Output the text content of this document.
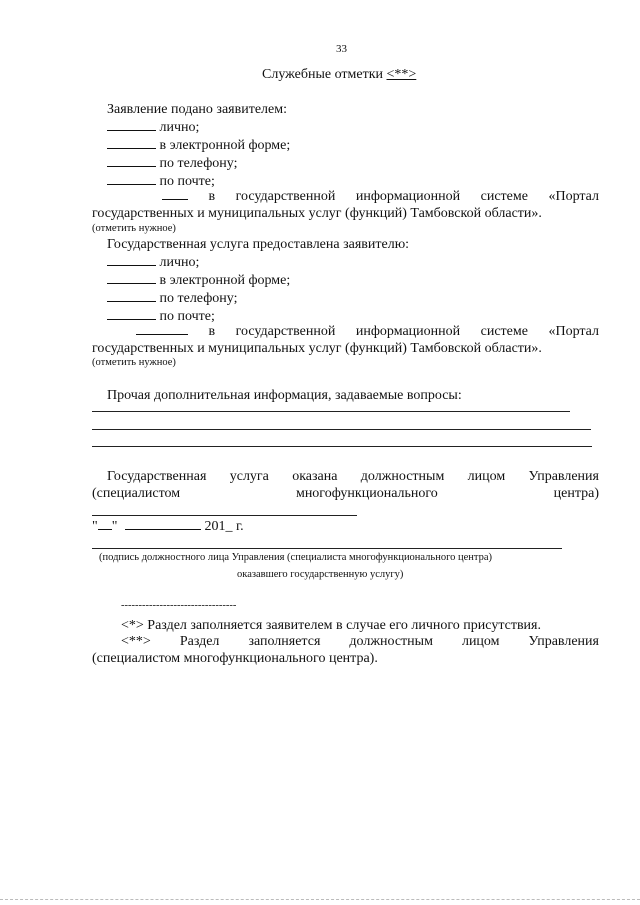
33
Служебные отметки <**>
Заявление подано заявителем:
лично;
в электронной форме;
по телефону;
по почте;
в государственной информационной системе «Портал
государственных и муниципальных услуг (функций) Тамбовской области».
(отметить нужное)
Государственная услуга предоставлена заявителю:
лично;
в электронной форме;
по телефону;
по почте;
в государственной информационной системе «Портал
государственных и муниципальных услуг (функций) Тамбовской области».
(отметить нужное)
Прочая дополнительная информация, задаваемые вопросы:
Государственная услуга оказана должностным лицом Управления
(специалистом	многофункционального	центра)
" "	201_ г.
(подпись должностного лица Управления (специалиста многофункционального центра)
оказавшего государственную услугу)
---------------------------------
<*> Раздел заполняется заявителем в случае его личного присутствия.
<**> Раздел заполняется должностным лицом Управления
(специалистом многофункционального центра).
